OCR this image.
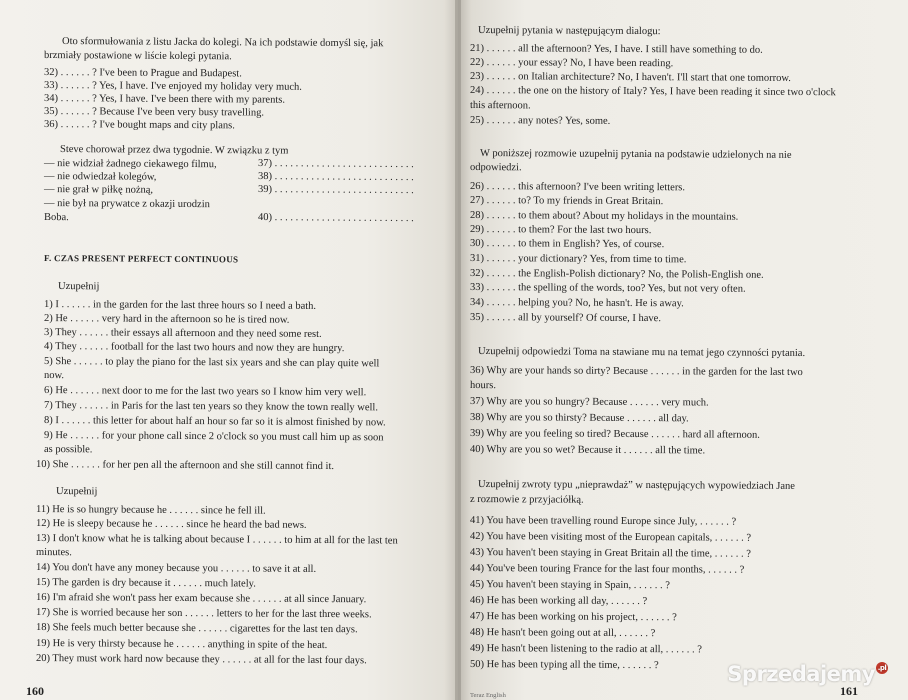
Oto sformułowania z listu Jacka do kolegi. Na ich podstawie domyśl się, jak
brzmiały postawione w liście kolegi pytania.
32) . . . . . . ? I've been to Prague and Budapest.
33) . . . . . . ? Yes, I have. I've enjoyed my holiday very much.
34) . . . . . . ? Yes, I have. I've been there with my parents.
35) . . . . . . ? Because I've been very busy travelling.
36) . . . . . . ? I've bought maps and city plans.
Steve chorował przez dwa tygodnie. W związku z tym
— nie widział żadnego ciekawego filmu,	37) . . . . . . . . . . . . . . . . . . . . . . . . . . .
— nie odwiedzał kolegów,	38) . . . . . . . . . . . . . . . . . . . . . . . . . . .
— nie grał w piłkę nożną,	39) . . . . . . . . . . . . . . . . . . . . . . . . . . .
— nie był na prywatce z okazji urodzin
Boba.	40) . . . . . . . . . . . . . . . . . . . . . . . . . . .
F. CZAS PRESENT PERFECT CONTINUOUS
Uzupełnij
1) I . . . . . . in the garden for the last three hours so I need a bath.
2) He . . . . . . very hard in the afternoon so he is tired now.
3) They . . . . . . their essays all afternoon and they need some rest.
4) They . . . . . . football for the last two hours and now they are hungry.
5) She . . . . . . to play the piano for the last six years and she can play quite well
now.
6) He . . . . . . next door to me for the last two years so I know him very well.
7) They . . . . . . in Paris for the last ten years so they know the town really well.
8) I . . . . . . this letter for about half an hour so far so it is almost finished by now.
9) He . . . . . . for your phone call since 2 o'clock so you must call him up as soon
as possible.
10) She . . . . . . for her pen all the afternoon and she still cannot find it.
Uzupełnij
11) He is so hungry because he . . . . . . since he fell ill.
12) He is sleepy because he . . . . . . since he heard the bad news.
13) I don't know what he is talking about because I . . . . . . to him at all for the last ten
minutes.
14) You don't have any money because you . . . . . . to save it at all.
15) The garden is dry because it . . . . . . much lately.
16) I'm afraid she won't pass her exam because she . . . . . . at all since January.
17) She is worried because her son . . . . . . letters to her for the last three weeks.
18) She feels much better because she . . . . . . cigarettes for the last ten days.
19) He is very thirsty because he . . . . . . anything in spite of the heat.
20) They must work hard now because they . . . . . . at all for the last four days.
160
Uzupełnij pytania w następującym dialogu:
21) . . . . . . all the afternoon? Yes, I have. I still have something to do.
22) . . . . . . your essay? No, I have been reading.
23) . . . . . . on Italian architecture? No, I haven't. I'll start that one tomorrow.
24) . . . . . . the one on the history of Italy? Yes, I have been reading it since two o'clock
this afternoon.
25) . . . . . . any notes? Yes, some.
W poniższej rozmowie uzupełnij pytania na podstawie udzielonych na nie
odpowiedzi.
26) . . . . . . this afternoon? I've been writing letters.
27) . . . . . . to? To my friends in Great Britain.
28) . . . . . . to them about? About my holidays in the mountains.
29) . . . . . . to them? For the last two hours.
30) . . . . . . to them in English? Yes, of course.
31) . . . . . . your dictionary? Yes, from time to time.
32) . . . . . . the English-Polish dictionary? No, the Polish-English one.
33) . . . . . . the spelling of the words, too? Yes, but not very often.
34) . . . . . . helping you? No, he hasn't. He is away.
35) . . . . . . all by yourself? Of course, I have.
Uzupełnij odpowiedzi Toma na stawiane mu na temat jego czynności pytania.
36) Why are your hands so dirty? Because . . . . . . in the garden for the last two
hours.
37) Why are you so hungry? Because . . . . . . very much.
38) Why are you so thirsty? Because . . . . . . all day.
39) Why are you feeling so tired? Because . . . . . . hard all afternoon.
40) Why are you so wet? Because it . . . . . . all the time.
Uzupełnij zwroty typu „nieprawdaż” w następujących wypowiedziach Jane
z rozmowie z przyjaciółką.
41) You have been travelling round Europe since July, . . . . . . ?
42) You have been visiting most of the European capitals, . . . . . . ?
43) You haven't been staying in Great Britain all the time, . . . . . . ?
44) You've been touring France for the last four months, . . . . . . ?
45) You haven't been staying in Spain, . . . . . . ?
46) He has been working all day, . . . . . . ?
47) He has been working on his project, . . . . . . ?
48) He hasn't been going out at all, . . . . . . ?
49) He hasn't been listening to the radio at all, . . . . . . ?
50) He has been typing all the time, . . . . . . ?
Teraz English	161
Sprzedajemy .pl
